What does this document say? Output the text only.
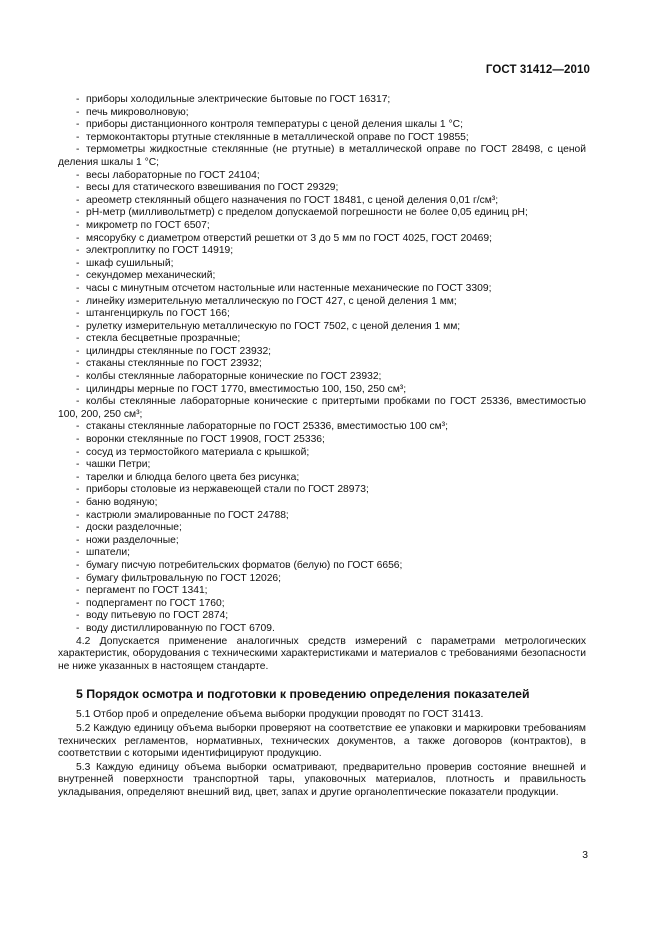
ГОСТ 31412—2010
- приборы холодильные электрические бытовые по ГОСТ 16317;
- печь микроволновую;
- приборы дистанционного контроля температуры с ценой деления шкалы 1 °С;
- термоконтакторы ртутные стеклянные в металлической оправе по ГОСТ 19855;
- термометры жидкостные стеклянные (не ртутные) в металлической оправе по ГОСТ 28498, с ценой деления шкалы 1 °С;
- весы лабораторные по ГОСТ 24104;
- весы для статического взвешивания по ГОСТ 29329;
- ареометр стеклянный общего назначения по ГОСТ 18481, с ценой деления 0,01 г/см³;
- рН-метр (милливольтметр) с пределом допускаемой погрешности не более 0,05 единиц рН;
- микрометр по ГОСТ 6507;
- мясорубку с диаметром отверстий решетки от 3 до 5 мм по ГОСТ 4025, ГОСТ 20469;
- электроплитку по ГОСТ 14919;
- шкаф сушильный;
- секундомер механический;
- часы с минутным отсчетом настольные или настенные механические по ГОСТ 3309;
- линейку измерительную металлическую по ГОСТ 427, с ценой деления 1 мм;
- штангенциркуль по ГОСТ 166;
- рулетку измерительную металлическую по ГОСТ 7502, с ценой деления 1 мм;
- стекла бесцветные прозрачные;
- цилиндры стеклянные по ГОСТ 23932;
- стаканы стеклянные по ГОСТ 23932;
- колбы стеклянные лабораторные конические по ГОСТ 23932;
- цилиндры мерные по ГОСТ 1770, вместимостью 100, 150, 250 см³;
- колбы стеклянные лабораторные конические с притертыми пробками по ГОСТ 25336, вместимостью 100, 200, 250 см³;
- стаканы стеклянные лабораторные по ГОСТ 25336, вместимостью 100 см³;
- воронки стеклянные по ГОСТ 19908, ГОСТ 25336;
- сосуд из термостойкого материала с крышкой;
- чашки Петри;
- тарелки и блюдца белого цвета без рисунка;
- приборы столовые из нержавеющей стали по ГОСТ 28973;
- баню водяную;
- кастрюли эмалированные по ГОСТ 24788;
- доски разделочные;
- ножи разделочные;
- шпатели;
- бумагу писчую потребительских форматов (белую) по ГОСТ 6656;
- бумагу фильтровальную по ГОСТ 12026;
- пергамент по ГОСТ 1341;
- подпергамент по ГОСТ 1760;
- воду питьевую по ГОСТ 2874;
- воду дистиллированную по ГОСТ 6709.
4.2 Допускается применение аналогичных средств измерений с параметрами метрологических характеристик, оборудования с техническими характеристиками и материалов с требованиями безопасности не ниже указанных в настоящем стандарте.
5 Порядок осмотра и подготовки к проведению определения показателей
5.1 Отбор проб и определение объема выборки продукции проводят по ГОСТ 31413.
5.2 Каждую единицу объема выборки проверяют на соответствие ее упаковки и маркировки требованиям технических регламентов, нормативных, технических документов, а также договоров (контрактов), в соответствии с которыми идентифицируют продукцию.
5.3 Каждую единицу объема выборки осматривают, предварительно проверив состояние внешней и внутренней поверхности транспортной тары, упаковочных материалов, плотность и правильность укладывания, определяют внешний вид, цвет, запах и другие органолептические показатели продукции.
3
